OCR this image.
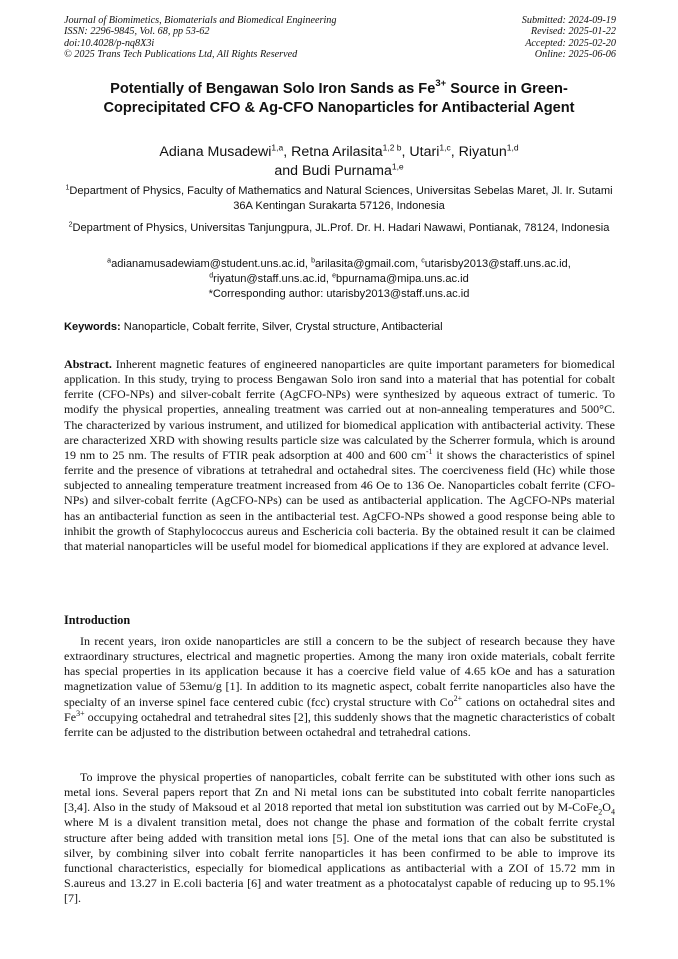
Journal of Biomimetics, Biomaterials and Biomedical Engineering
ISSN: 2296-9845, Vol. 68, pp 53-62
doi:10.4028/p-nq8X3i
© 2025 Trans Tech Publications Ltd, All Rights Reserved
Submitted: 2024-09-19
Revised: 2025-01-22
Accepted: 2025-02-20
Online: 2025-06-06
Potentially of Bengawan Solo Iron Sands as $Fe^{3+}$ Source in Green-Coprecipitated CFO & Ag-CFO Nanoparticles for Antibacterial Agent
Adiana Musadewi$^{1,a}$, Retna Arilasita$^{1,2 b}$, Utari$^{1,c}$, Riyatun$^{1,d}$
and Budi Purnama$^{1,e}$
$^1$Department of Physics, Faculty of Mathematics and Natural Sciences, Universitas Sebelas Maret, Jl. Ir. Sutami 36A Kentingan Surakarta 57126, Indonesia
$^2$Department of Physics, Universitas Tanjungpura, JL.Prof. Dr. H. Hadari Nawawi, Pontianak, 78124, Indonesia
$^a$adianamusadewiam@student.uns.ac.id, $^b$arilasita@gmail.com, $^c$utarisby2013@staff.uns.ac.id,
$^d$riyatun@staff.uns.ac.id, $^e$bpurnama@mipa.uns.ac.id
*Corresponding author: utarisby2013@staff.uns.ac.id
Keywords: Nanoparticle, Cobalt ferrite, Silver, Crystal structure, Antibacterial
Abstract. Inherent magnetic features of engineered nanoparticles are quite important parameters for biomedical application. In this study, trying to process Bengawan Solo iron sand into a material that has potential for cobalt ferrite (CFO-NPs) and silver-cobalt ferrite (AgCFO-NPs) were synthesized by aqueous extract of tumeric. To modify the physical properties, annealing treatment was carried out at non-annealing temperatures and 500°C. The characterized by various instrument, and utilized for biomedical application with antibacterial activity. These are characterized XRD with showing results particle size was calculated by the Scherrer formula, which is around 19 nm to 25 nm. The results of FTIR peak adsorption at 400 and 600 $cm^{-1}$ it shows the characteristics of spinel ferrite and the presence of vibrations at tetrahedral and octahedral sites. The coerciveness field (Hc) while those subjected to annealing temperature treatment increased from 46 Oe to 136 Oe. Nanoparticles cobalt ferrite (CFO-NPs) and silver-cobalt ferrite (AgCFO-NPs) can be used as antibacterial application. The AgCFO-NPs material has an antibacterial function as seen in the antibacterial test. AgCFO-NPs showed a good response being able to inhibit the growth of Staphylococcus aureus and Eschericia coli bacteria. By the obtained result it can be claimed that material nanoparticles will be useful model for biomedical applications if they are explored at advance level.
Introduction

In recent years, iron oxide nanoparticles are still a concern to be the subject of research because they have extraordinary structures, electrical and magnetic properties. Among the many iron oxide materials, cobalt ferrite has special properties in its application because it has a coercive field value of 4.65 kOe and has a saturation magnetization value of 53emu/g [1]. In addition to its magnetic aspect, cobalt ferrite nanoparticles also have the specialty of an inverse spinel face centered cubic (fcc) crystal structure with $Co^{2+}$ cations on octahedral sites and $Fe^{3+}$ occupying octahedral and tetrahedral sites [2], this suddenly shows that the magnetic characteristics of cobalt ferrite can be adjusted to the distribution between octahedral and tetrahedral cations.

To improve the physical properties of nanoparticles, cobalt ferrite can be substituted with other ions such as metal ions. Several papers report that Zn and Ni metal ions can be substituted into cobalt ferrite nanoparticles [3,4]. Also in the study of Maksoud et al 2018 reported that metal ion substitution was carried out by $M-CoFe_2O_4$ where M is a divalent transition metal, does not change the phase and formation of the cobalt ferrite crystal structure after being added with transition metal ions [5]. One of the metal ions that can also be substituted is silver, by combining silver into cobalt ferrite nanoparticles it has been confirmed to be able to improve its functional characteristics, especially for biomedical applications as antibacterial with a ZOI of 15.72 mm in S.aureus and 13.27 in E.coli bacteria [6] and water treatment as a photocatalyst capable of reducing up to 95.1% [7].
